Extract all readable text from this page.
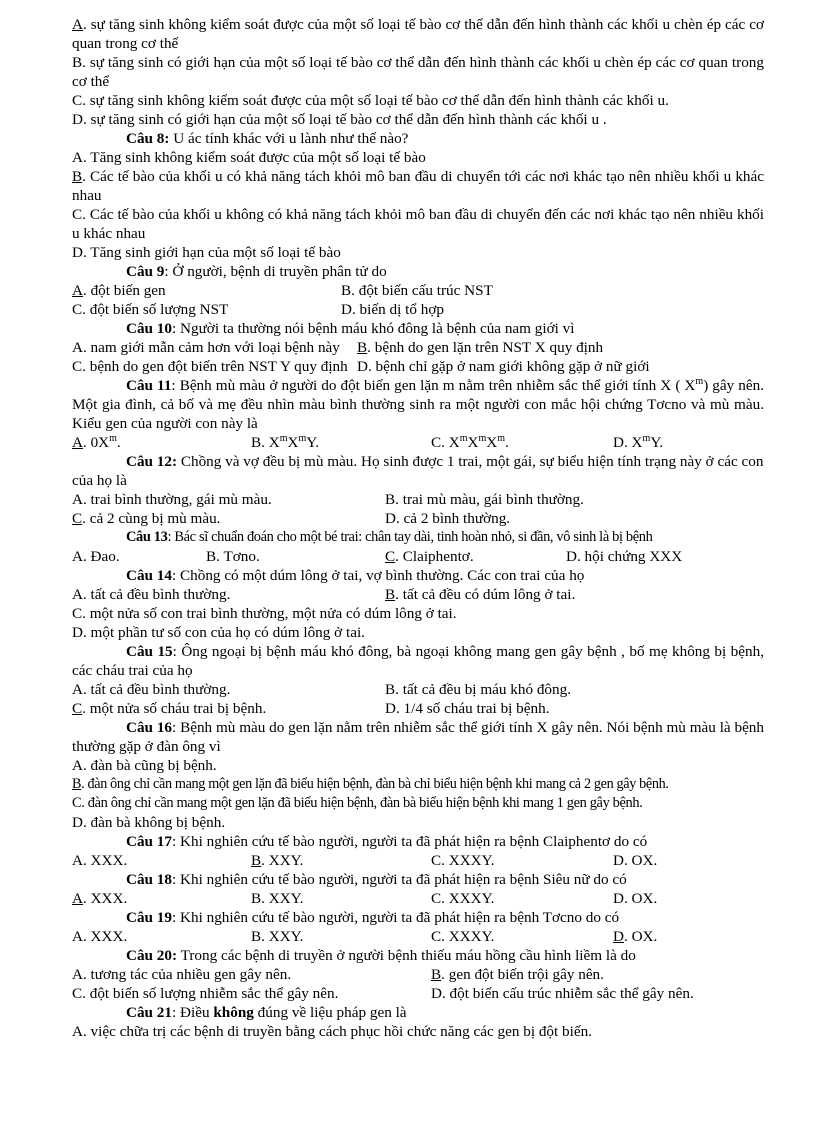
A. sự tăng sinh không kiểm soát được của một số loại tế bào cơ thể dẫn đến hình thành các khối u chèn ép các cơ quan trong cơ thể
B. sự tăng sinh có giới hạn của một số loại tế bào cơ thể dẫn đến hình thành các khối u chèn ép các cơ quan trong cơ thể
C. sự tăng sinh không kiểm soát được của một số loại tế bào cơ thể dẫn đến hình thành các khối u.
D. sự tăng sinh có giới hạn của một số loại tế bào cơ thể dẫn đến hình thành các khối u .
Câu 8: U ác tính khác với u lành như thế nào?
A. Tăng sinh không kiểm soát được của một số loại tế bào
B. Các tế bào của khối u có khả năng tách khỏi mô ban đầu di chuyển tới các nơi khác tạo nên nhiều khối u khác nhau
C. Các tế bào của khối u không có khả năng tách khỏi mô ban đầu di chuyển đến các nơi khác tạo nên nhiều khối u khác nhau
D. Tăng sinh giới hạn của một số loại tế bào
Câu 9: Ở người, bệnh di truyền phân tử do
A. đột biến gen	B. đột biến cấu trúc NST
C. đột biến số lượng NST	D. biến dị tổ hợp
Câu 10: Người ta thường nói bệnh máu khó đông là bệnh của nam giới vì
A. nam giới mẫn cảm hơn với loại bệnh này	B. bệnh do gen lặn trên NST X quy định
C. bệnh do gen đột biến trên NST Y quy định D. bệnh chỉ gặp ở nam giới không gặp ở nữ giới
Câu 11: Bệnh mù màu ở người do đột biến gen lặn m nằm trên nhiễm sắc thể giới tính X ( $X^m$) gây nên. Một gia đình, cả bố và mẹ đều nhìn màu bình thường sinh ra một người con mắc hội chứng Tơcno và mù màu. Kiểu gen của người con này là
A. $0X^m$.	B. $X^mX^mY$.	C. $X^mX^mX^m$.	D. $X^mY$.
Câu 12: Chồng và vợ đều bị mù màu. Họ sinh được 1 trai, một gái, sự biểu hiện tính trạng này ở các con của họ là
A. trai bình thường, gái mù màu.	B. trai mù màu, gái bình thường.
C. cả 2 cùng bị mù màu.	D. cả 2 bình thường.
Câu 13: Bác sĩ chuẩn đoán cho một bé trai: chân tay dài, tinh hoàn nhỏ, si đần, vô sinh là bị bệnh
A. Đao.	B. Tơno.	C. Claiphentơ.	D. hội chứng XXX
Câu 14: Chồng có một dúm lông ở tai, vợ bình thường. Các con trai của họ
A. tất cả đều bình thường.	B. tất cả đều có dúm lông ở tai.
C. một nửa số con trai bình thường, một nửa có dúm lông ở tai.
D. một phần tư số con của họ có dúm lông ở tai.
Câu 15: Ông ngoại bị bệnh máu khó đông, bà ngoại không mang gen gây bệnh , bố mẹ không bị bệnh, các cháu trai của họ
A. tất cả đều bình thường.	B. tất cả đều bị máu khó đông.
C. một nửa số cháu trai bị bệnh.	D. 1/4 số cháu trai bị bệnh.
Câu 16: Bệnh mù màu do gen lặn nằm trên nhiễm sắc thể giới tính X gây nên. Nói bệnh mù màu là bệnh thường gặp ở đàn ông vì
A. đàn bà cũng bị bệnh.
B. đàn ông chỉ cần mang một gen lặn đã biểu hiện bệnh, đàn bà chỉ biểu hiện bệnh khi mang cả 2 gen gây bệnh.
C. đàn ông chỉ cần mang một gen lặn đã biểu hiện bệnh, đàn bà biểu hiện bệnh khi mang 1 gen gây bệnh.
D. đàn bà không bị bệnh.
Câu 17: Khi nghiên cứu tế bào người, người ta đã phát hiện ra bệnh Claiphentơ do có
A. XXX.	B. XXY.	C. XXXY.	D. OX.
Câu 18: Khi nghiên cứu tế bào người, người ta đã phát hiện ra bệnh Siêu nữ do có
A. XXX.	B. XXY.	C. XXXY.	D. OX.
Câu 19: Khi nghiên cứu tế bào người, người ta đã phát hiện ra bệnh Tơcno do có
A. XXX.	B. XXY.	C. XXXY.	D. OX.
Câu 20: Trong các bệnh di truyền ở người bệnh thiếu máu hồng cầu hình liềm là do
A. tương tác của nhiều gen gây nên.	B. gen đột biến trội gây nên.
C. đột biến số lượng nhiễm sắc thể gây nên.	D. đột biến cấu trúc nhiễm sắc thể gây nên.
Câu 21: Điều không đúng về liệu pháp gen là
A. việc chữa trị các bệnh di truyền bằng cách phục hồi chức năng các gen bị đột biến.
